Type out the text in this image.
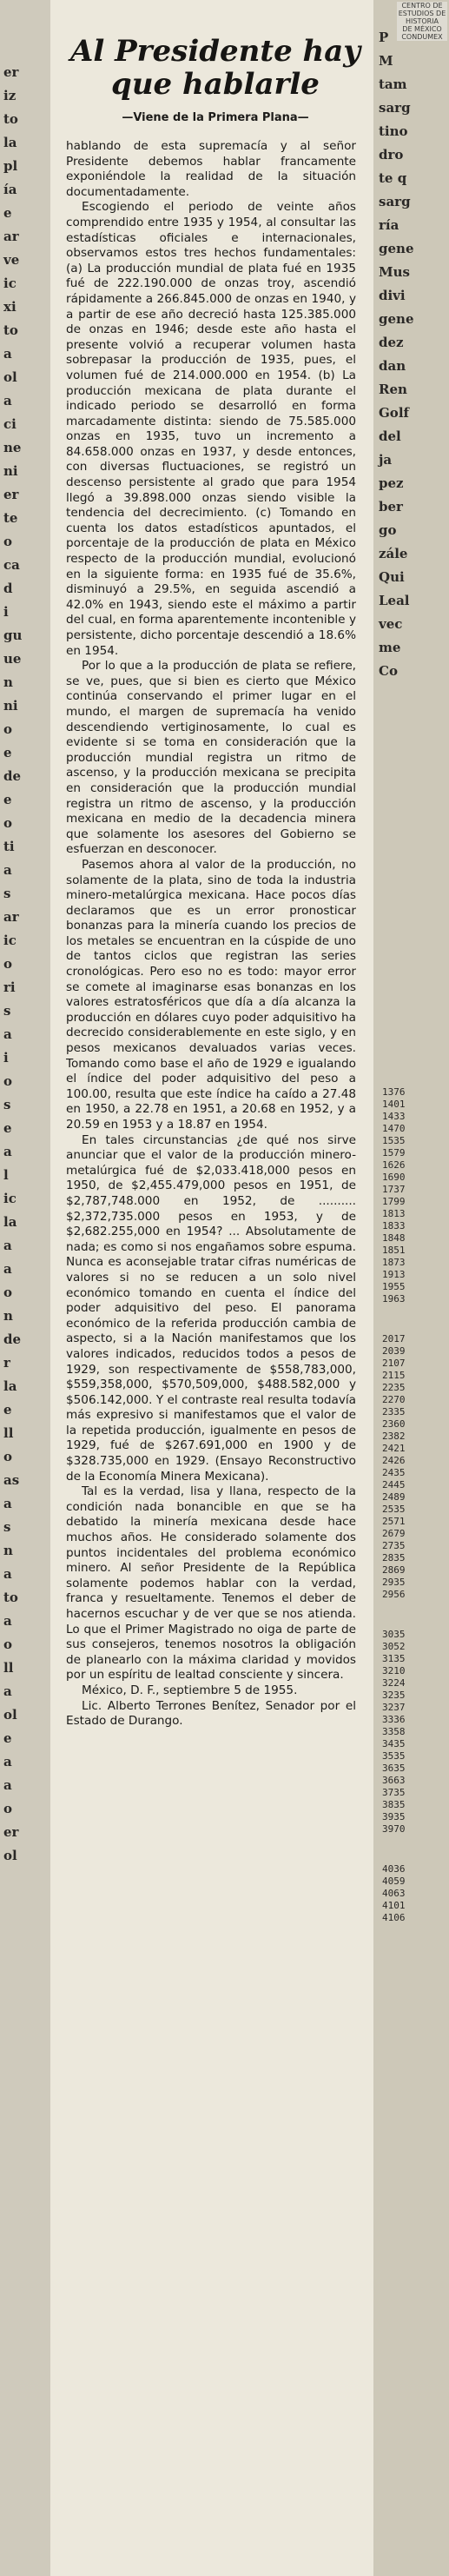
er
iz
to
la
pl
ía
e
ar
ve
ic
xi
to
a
ol
a
ci
ne
ni
er
te
o
ca
d
i
gu
ue
n
ni
o
e
de
e
o
ti
a
s
ar
ic
o
ri
s
a
i
o
s
e
a
l
ic
la
a
a
o
n
de
r
la
e
ll
o
as
a
s
n
a
to
a
o
ll
a
ol
e
a
a
o
er
ol
Al Presidente hay que hablarle
—Viene de la Primera Plana—

hablando de esta supremacía y al señor Presidente debemos hablar francamente exponiéndole la realidad de la situación documentadamente.

Escogiendo el periodo de veinte años comprendido entre 1935 y 1954, al consultar las estadísticas oficiales e internacionales, observamos estos tres hechos fundamentales: (a) La producción mundial de plata fué en 1935 fué de 222.190.000 de onzas troy, ascendió rápidamente a 266.845.000 de onzas en 1940, y a partir de ese año decreció hasta 125.385.000 de onzas en 1946; desde este año hasta el presente volvió a recuperar volumen hasta sobrepasar la producción de 1935, pues, el volumen fué de 214.000.000 en 1954. (b) La producción mexicana de plata durante el indicado periodo se desarrolló en forma marcadamente distinta: siendo de 75.585.000 onzas en 1935, tuvo un incremento a 84.658.000 onzas en 1937, y desde entonces, con diversas fluctuaciones, se registró un descenso persistente al grado que para 1954 llegó a 39.898.000 onzas siendo visible la tendencia del decrecimiento. (c) Tomando en cuenta los datos estadísticos apuntados, el porcentaje de la producción de plata en México respecto de la producción mundial, evolucionó en la siguiente forma: en 1935 fué de 35.6%, disminuyó a 29.5%, en seguida ascendió a 42.0% en 1943, siendo este el máximo a partir del cual, en forma aparentemente incontenible y persistente, dicho porcentaje descendió a 18.6% en 1954.

Por lo que a la producción de plata se refiere, se ve, pues, que si bien es cierto que México continúa conservando el primer lugar en el mundo, el margen de supremacía ha venido descendiendo vertiginosamente, lo cual es evidente si se toma en consideración que la producción mundial registra un ritmo de ascenso, y la producción mexicana se precipita en consideración que la producción mundial registra un ritmo de ascenso, y la producción mexicana en medio de la decadencia minera que solamente los asesores del Gobierno se esfuerzan en desconocer.

Pasemos ahora al valor de la producción, no solamente de la plata, sino de toda la industria minero-metalúrgica mexicana. Hace pocos días declaramos que es un error pronosticar bonanzas para la minería cuando los precios de los metales se encuentran en la cúspide de uno de tantos ciclos que registran las series cronológicas. Pero eso no es todo: mayor error se comete al imaginarse esas bonanzas en los valores estratosféricos que día a día alcanza la producción en dólares cuyo poder adquisitivo ha decrecido considerablemente en este siglo, y en pesos mexicanos devaluados varias veces. Tomando como base el año de 1929 e igualando el índice del poder adquisitivo del peso a 100.00, resulta que este índice ha caído a 27.48 en 1950, a 22.78 en 1951, a 20.68 en 1952, y a 20.59 en 1953 y a 18.87 en 1954.

En tales circunstancias ¿de qué nos sirve anunciar que el valor de la producción minero-metalúrgica fué de $2,033.418,000 pesos en 1950, de $2,455.479,000 pesos en 1951, de $2,787,748.000 en 1952, de .......... $2,372,735.000 pesos en 1953, y de $2,682.255,000 en 1954? ... Absolutamente de nada; es como si nos engañamos sobre espuma. Nunca es aconsejable tratar cifras numéricas de valores si no se reducen a un solo nivel económico tomando en cuenta el índice del poder adquisitivo del peso. El panorama económico de la referida producción cambia de aspecto, si a la Nación manifestamos que los valores indicados, reducidos todos a pesos de 1929, son respectivamente de $558,783,000, $559,358,000, $570,509,000, $488.582,000 y $506.142,000. Y el contraste real resulta todavía más expresivo si manifestamos que el valor de la repetida producción, igualmente en pesos de 1929, fué de $267.691,000 en 1900 y de $328.735,000 en 1929. (Ensayo Reconstructivo de la Economía Minera Mexicana).

Tal es la verdad, lisa y llana, respecto de la condición nada bonancible en que se ha debatido la minería mexicana desde hace muchos años. He considerado solamente dos puntos incidentales del problema económico minero. Al señor Presidente de la República solamente podemos hablar con la verdad, franca y resueltamente. Tenemos el deber de hacernos escuchar y de ver que se nos atienda. Lo que el Primer Magistrado no oiga de parte de sus consejeros, tenemos nosotros la obligación de planearlo con la máxima claridad y movidos por un espíritu de lealtad consciente y sincera.

México, D. F., septiembre 5 de 1955.

Lic. Alberto Terrones Benítez, Senador por el Estado de Durango.

P
M
tam
sarg
tino
dro
te q
sarg
ría
gene
Mus
divi
gene
dez
dan
Ren
Golf
del
ja
pez
ber
go
zále
Qui
Leal
vec
me
Co
1376
1401
1433
1470
1535
1579
1626
1690
1737
1799
1813
1833
1848
1851
1873
1913
1955
1963
2017
2039
2107
2115
2235
2270
2335
2360
2382
2421
2426
2435
2445
2489
2535
2571
2679
2735
2835
2869
2935
2956
3035
3052
3135
3210
3224
3235
3237
3336
3358
3435
3535
3635
3663
3735
3835
3935
3970
4036
4059
4063
4101
4106
CENTRO DE
ESTUDIOS DE
HISTORIA
DE MÉXICO
CONDUMEX
